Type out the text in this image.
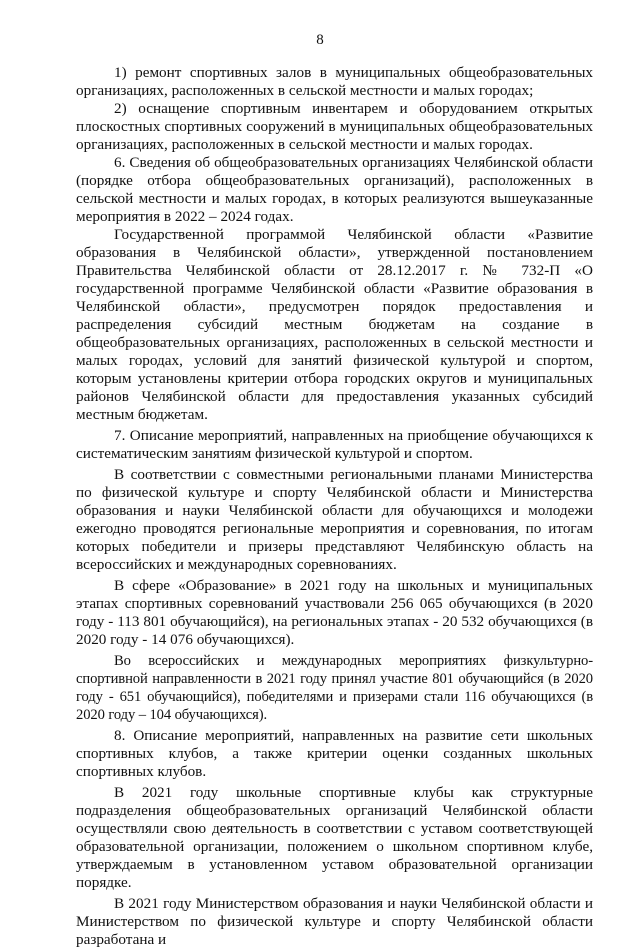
8

1) ремонт спортивных залов в муниципальных общеобразовательных организациях, расположенных в сельской местности и малых городах;

2) оснащение спортивным инвентарем и оборудованием открытых плоскостных спортивных сооружений в муниципальных общеобразовательных организациях, расположенных в сельской местности и малых городах.

6. Сведения об общеобразовательных организациях Челябинской области (порядке отбора общеобразовательных организаций), расположенных в сельской местности и малых городах, в которых реализуются вышеуказанные мероприятия в 2022 – 2024 годах.

Государственной программой Челябинской области «Развитие образования в Челябинской области», утвержденной постановлением Правительства Челябинской области от 28.12.2017 г. № 732-П «О государственной программе Челябинской области «Развитие образования в Челябинской области», предусмотрен порядок предоставления и распределения субсидий местным бюджетам на создание в общеобразовательных организациях, расположенных в сельской местности и малых городах, условий для занятий физической культурой и спортом, которым установлены критерии отбора городских округов и муниципальных районов Челябинской области для предоставления указанных субсидий местным бюджетам.

7. Описание мероприятий, направленных на приобщение обучающихся к систематическим занятиям физической культурой и спортом.

В соответствии с совместными региональными планами Министерства по физической культуре и спорту Челябинской области и Министерства образования и науки Челябинской области для обучающихся и молодежи ежегодно проводятся региональные мероприятия и соревнования, по итогам которых победители и призеры представляют Челябинскую область на всероссийских и международных соревнованиях.

В сфере «Образование» в 2021 году на школьных и муниципальных этапах спортивных соревнований участвовали 256 065 обучающихся (в 2020 году - 113 801 обучающийся), на региональных этапах - 20 532 обучающихся (в 2020 году - 14 076 обучающихся).

Во всероссийских и международных мероприятиях физкультурно-спортивной направленности в 2021 году принял участие 801 обучающийся (в 2020 году - 651 обучающийся), победителями и призерами стали 116 обучающихся (в 2020 году – 104 обучающихся).

8. Описание мероприятий, направленных на развитие сети школьных спортивных клубов, а также критерии оценки созданных школьных спортивных клубов.

В 2021 году школьные спортивные клубы как структурные подразделения общеобразовательных организаций Челябинской области осуществляли свою деятельность в соответствии с уставом соответствующей образовательной организации, положением о школьном спортивном клубе, утверждаемым в установленном уставом образовательной организации порядке.

В 2021 году Министерством образования и науки Челябинской области и Министерством по физической культуре и спорту Челябинской области разработана и
